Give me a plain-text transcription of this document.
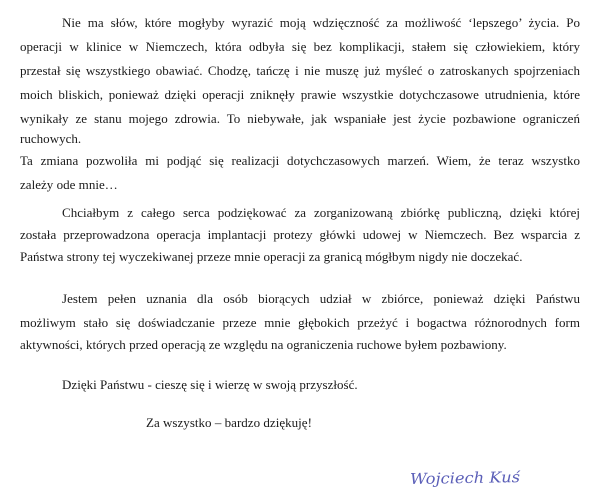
Nie ma słów, które mogłyby wyrazić moją wdzięczność za możliwość ‘lepszego’ życia. Po

operacji w klinice w Niemczech, która odbyła się bez komplikacji, stałem się człowiekiem, który

przestał się wszystkiego obawiać. Chodzę, tańczę i nie muszę już myśleć o zatroskanych spojrzeniach

moich bliskich, ponieważ dzięki operacji zniknęły prawie wszystkie dotychczasowe utrudnienia, które

wynikały ze stanu mojego zdrowia. To niebywałe, jak wspaniałe jest życie pozbawione ograniczeń

ruchowych.

Ta zmiana pozwoliła mi podjąć się realizacji dotychczasowych marzeń. Wiem, że teraz wszystko

zależy ode mnie…

Chciałbym z całego serca podziękować za zorganizowaną zbiórkę publiczną, dzięki której

została przeprowadzona operacja implantacji protezy główki udowej w Niemczech. Bez wsparcia z

Państwa strony tej wyczekiwanej przeze mnie operacji za granicą mógłbym nigdy nie doczekać.

Jestem pełen uznania dla osób biorących udział w zbiórce, ponieważ dzięki Państwu

możliwym stało się doświadczanie przeze mnie głębokich przeżyć i bogactwa różnorodnych form

aktywności, których przed operacją ze względu na ograniczenia ruchowe byłem pozbawiony.

Dzięki Państwu - cieszę się i wierzę w swoją przyszłość.

Za wszystko – bardzo dziękuję!

Wojciech Kuś
